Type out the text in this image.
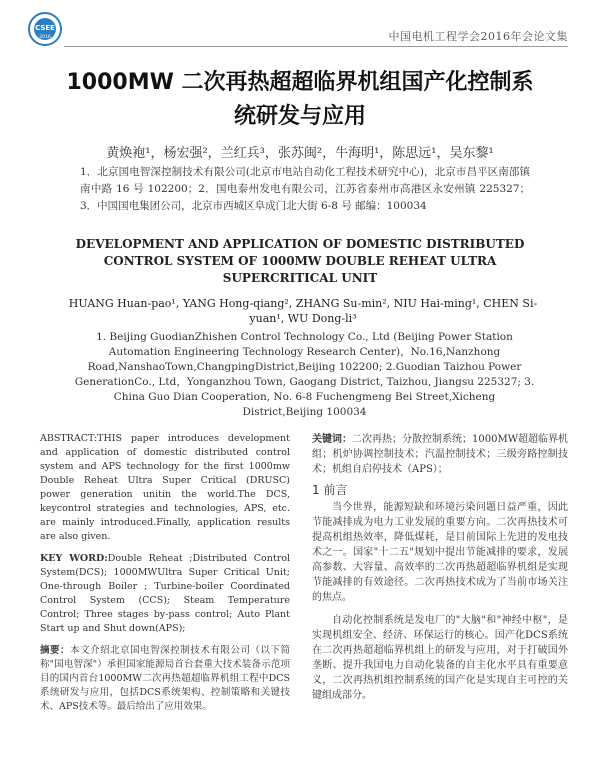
CSEE
2016	中国电机工程学会2016年会论文集
1000MW 二次再热超超临界机组国产化控制系
统研发与应用
黄焕袍¹，杨宏强²，兰红兵³，张苏闽²，牛海明¹，陈思远¹，吴东黎¹
1．北京国电智深控制技术有限公司(北京市电站自动化工程技术研究中心)，北京市昌平区南邵镇南中路 16 号 102200；2．国电泰州发电有限公司，江苏省泰州市高港区永安州镇 225327；3．中国国电集团公司，北京市西城区阜成门北大街 6-8 号 邮编：100034
DEVELOPMENT AND APPLICATION OF DOMESTIC DISTRIBUTED
CONTROL SYSTEM OF 1000MW DOUBLE REHEAT ULTRA
SUPERCRITICAL UNIT
HUANG Huan-pao¹, YANG Hong-qiang², ZHANG Su-min², NIU Hai-ming¹, CHEN Si-yuan¹, WU Dong-li³
1. Beijing GuodianZhishen Control Technology Co., Ltd (Beijing Power Station Automation Engineering Technology Research Center)，No.16,Nanzhong Road,NanshaoTown,ChangpingDistrict,Beijing 102200; 2.Guodian Taizhou Power GenerationCo., Ltd，Yonganzhou Town, Gaogang District, Taizhou, Jiangsu 225327; 3. China Guo Dian Cooperation, No. 6-8 Fuchengmeng Bei Street,Xicheng District,Beijing 100034

ABSTRACT:THIS paper introduces development and application of domestic distributed control system and APS technology for the first 1000mw Double Reheat Ultra Super Critical (DRUSC) power generation unitin the world.The DCS, keycontrol strategies and technologies, APS, etc. are mainly introduced.Finally, application results are also given.

KEY WORD:Double Reheat ;Distributed Control System(DCS); 1000MWUltra Super Critical Unit; One-through Boiler ; Turbine-boiler Coordinated Control System (CCS); Steam Temperature Control; Three stages by-pass control; Auto Plant Start up and Shut down(APS);

摘要：本文介绍北京国电智深控制技术有限公司（以下简称"国电智深"）承担国家能源局首台套重大技术装备示范项目的国内首台1000MW二次再热超超临界机组工程中DCS系统研发与应用，包括DCS系统架构、控制策略和关键技术、APS技术等。最后给出了应用效果。

关键词：二次再热；分散控制系统；1000MW超超临界机组；机炉协调控制技术；汽温控制技术；三级旁路控制技术；机组自启停技术（APS）；

1 前言

当今世界，能源短缺和环境污染问题日益严重，因此节能减排成为电力工业发展的重要方向。二次再热技术可提高机组热效率，降低煤耗，是目前国际上先进的发电技术之一。国家"十二五"规划中提出节能减排的要求，发展高参数、大容量、高效率的二次再热超超临界机组是实现节能减排的有效途径。二次再热技术成为了当前市场关注的焦点。

自动化控制系统是发电厂的"大脑"和"神经中枢"，是实现机组安全、经济、环保运行的核心。国产化DCS系统在二次再热超超临界机组上的研发与应用，对于打破国外垄断、提升我国电力自动化装备的自主化水平具有重要意义，二次再热机组控制系统的国产化是实现自主可控的关键组成部分。
